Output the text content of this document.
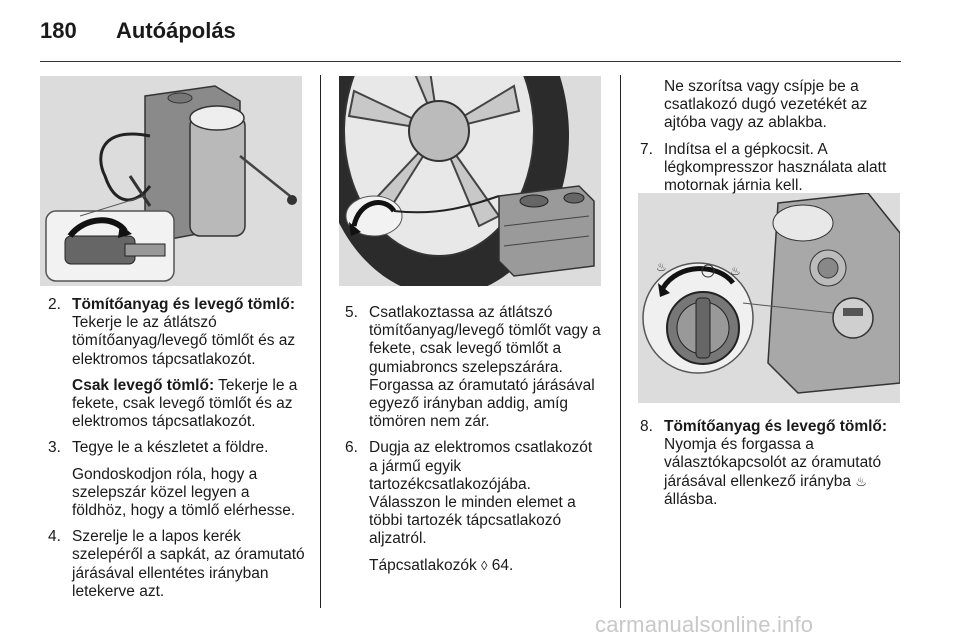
180 Autóápolás
♨
♨
2. Tömítőanyag és levegő tömlő:
Tekerje le az átlátszó
tömítőanyag/levegő tömlőt és az
elektromos tápcsatlakozót.
Csak levegő tömlő: Tekerje le a
fekete, csak levegő tömlőt és az
elektromos tápcsatlakozót.
3. Tegye le a készletet a földre.
Gondoskodjon róla, hogy a
szelepszár közel legyen a
földhöz, hogy a tömlő elérhesse.
4. Szerelje le a lapos kerék
szelepéről a sapkát, az óramutató
járásával ellentétes irányban
letekerve azt.
5. Csatlakoztassa az átlátszó
tömítőanyag/levegő tömlőt vagy a
fekete, csak levegő tömlőt a
gumiabroncs szelepszárára.
Forgassa az óramutató járásával
egyező irányban addig, amíg
tömören nem zár.
6. Dugja az elektromos csatlakozót
a jármű egyik
tartozékcsatlakozójába.
Válasszon le minden elemet a
többi tartozék tápcsatlakozó
aljzatról.
Tápcsatlakozók ◊ 64.
Ne szorítsa vagy csípje be a
csatlakozó dugó vezetékét az
ajtóba vagy az ablakba.
7. Indítsa el a gépkocsit. A
légkompresszor használata alatt
motornak járnia kell.
8. Tömítőanyag és levegő tömlő:
Nyomja és forgassa a
választókapcsolót az óramutató
járásával ellenkező irányba ♨
állásba.
carmanualsonline.info
